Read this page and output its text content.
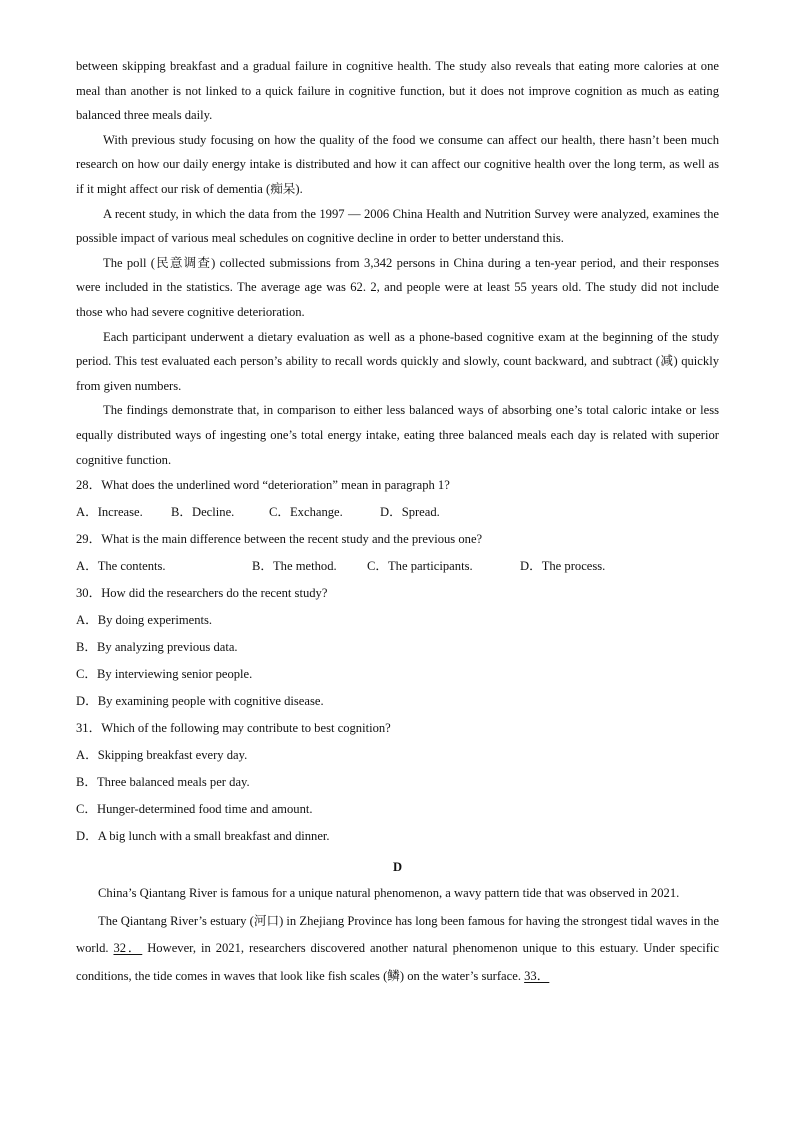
between skipping breakfast and a gradual failure in cognitive health. The study also reveals that eating more calories at one meal than another is not linked to a quick failure in cognitive function, but it does not improve cognition as much as eating balanced three meals daily.

With previous study focusing on how the quality of the food we consume can affect our health, there hasn’t been much research on how our daily energy intake is distributed and how it can affect our cognitive health over the long term, as well as if it might affect our risk of dementia (痴呆).

A recent study, in which the data from the 1997 — 2006 China Health and Nutrition Survey were analyzed, examines the possible impact of various meal schedules on cognitive decline in order to better understand this.

The poll (民意调查) collected submissions from 3,342 persons in China during a ten-year period, and their responses were included in the statistics. The average age was 62. 2, and people were at least 55 years old. The study did not include those who had severe cognitive deterioration.

Each participant underwent a dietary evaluation as well as a phone-based cognitive exam at the beginning of the study period. This test evaluated each person’s ability to recall words quickly and slowly, count backward, and subtract (减) quickly from given numbers.

The findings demonstrate that, in comparison to either less balanced ways of absorbing one’s total caloric intake or less equally distributed ways of ingesting one’s total energy intake, eating three balanced meals each day is related with superior cognitive function.

28．What does the underlined word “deterioration” mean in paragraph 1?

A．Increase.	B．Decline.	C．Exchange.	D．Spread.

29．What is the main difference between the recent study and the previous one?

A．The contents.	B．The method.	C．The participants.	D．The process.

30．How did the researchers do the recent study?

A．By doing experiments.

B．By analyzing previous data.

C．By interviewing senior people.

D．By examining people with cognitive disease.

31．Which of the following may contribute to best cognition?

A．Skipping breakfast every day.

B．Three balanced meals per day.

C．Hunger-determined food time and amount.

D．A big lunch with a small breakfast and dinner.

D

China’s Qiantang River is famous for a unique natural phenomenon, a wavy pattern tide that was observed in 2021.

The Qiantang River’s estuary (河口) in Zhejiang Province has long been famous for having the strongest tidal waves in the world. 32． However, in 2021, researchers discovered another natural phenomenon unique to this estuary. Under specific conditions, the tide comes in waves that look like fish scales (鳞) on the water’s surface. 33．
